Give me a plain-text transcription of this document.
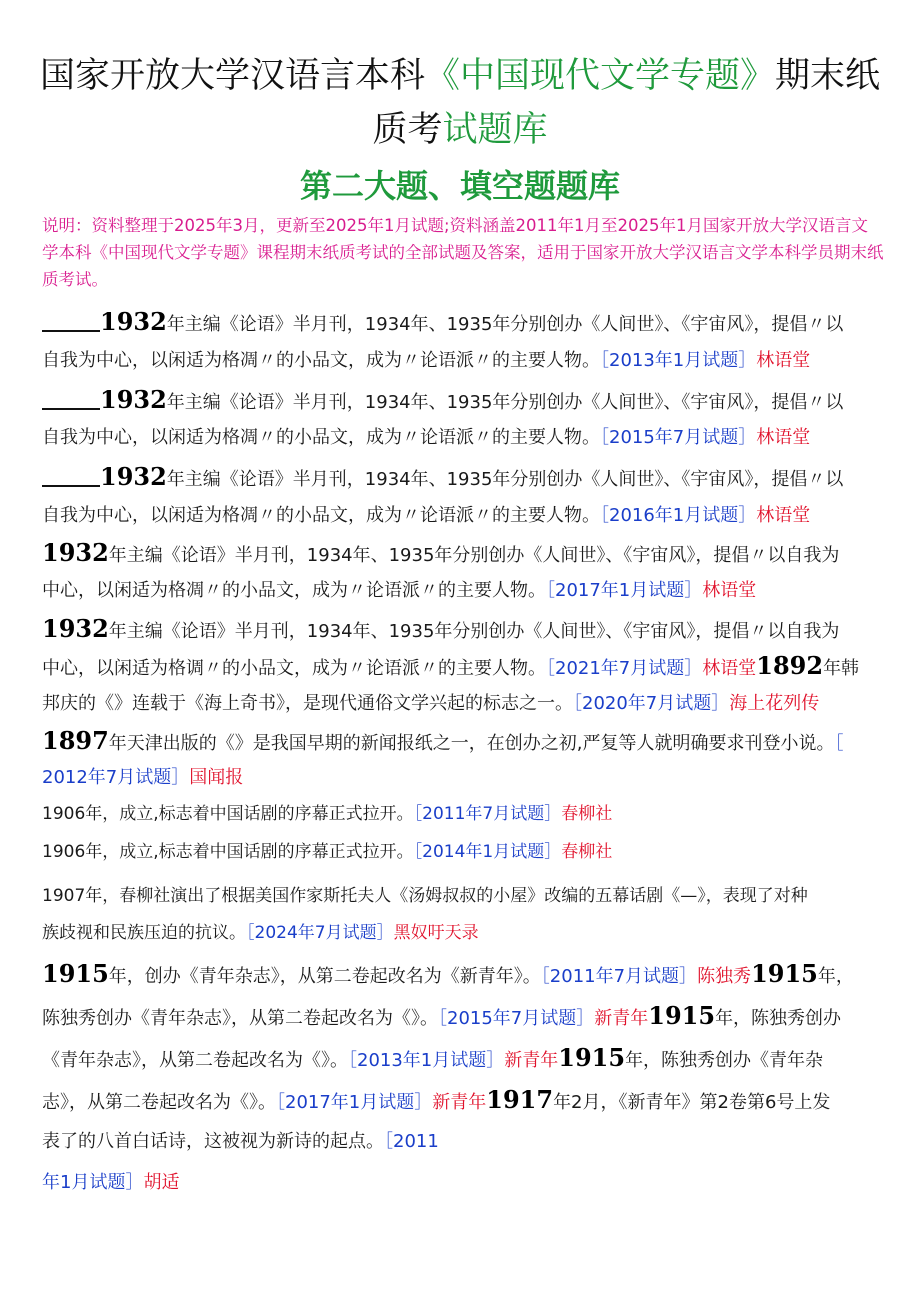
国家开放大学汉语言本科《中国现代文学专题》期末纸
质考试题库
第二大题、填空题题库
说明：资料整理于2025年3月，更新至2025年1月试题;资料涵盖2011年1月至2025年1月国家开放大学汉语言文学本科《中国现代文学专题》课程期末纸质考试的全部试题及答案，适用于国家开放大学汉语言文学本科学员期末纸质考试。
1932年主编《论语》半月刊，1934年、1935年分别创办《人间世》、《宇宙风》，提倡〃以
自我为中心，以闲适为格凋〃的小品文，成为〃论语派〃的主要人物。［2013年1月试题］林语堂
1932年主编《论语》半月刊，1934年、1935年分别创办《人间世》、《宇宙风》，提倡〃以
自我为中心，以闲适为格凋〃的小品文，成为〃论语派〃的主要人物。［2015年7月试题］林语堂
1932年主编《论语》半月刊，1934年、1935年分别创办《人间世》、《宇宙风》，提倡〃以
自我为中心，以闲适为格凋〃的小品文，成为〃论语派〃的主要人物。［2016年1月试题］林语堂
1932年主编《论语》半月刊，1934年、1935年分别创办《人间世》、《宇宙风》，提倡〃以自我为
中心，以闲适为格凋〃的小品文，成为〃论语派〃的主要人物。［2017年1月试题］林语堂
1932年主编《论语》半月刊，1934年、1935年分别创办《人间世》、《宇宙风》，提倡〃以自我为
中心，以闲适为格调〃的小品文，成为〃论语派〃的主要人物。［2021年7月试题］林语堂1892年韩
邦庆的《》连载于《海上奇书》，是现代通俗文学兴起的标志之一。［2020年7月试题］海上花列传
1897年天津出版的《》是我国早期的新闻报纸之一，在创办之初,严复等人就明确要求刊登小说。［
2012年7月试题］国闻报
1906年，成立,标志着中国话剧的序幕正式拉开。［2011年7月试题］春柳社
1906年，成立,标志着中国话剧的序幕正式拉开。［2014年1月试题］春柳社
1907年，春柳社演出了根据美国作家斯托夫人《汤姆叔叔的小屋》改编的五幕话剧《—》，表现了对种
族歧视和民族压迫的抗议。［2024年7月试题］黑奴吁天录
1915年，创办《青年杂志》，从第二卷起改名为《新青年》。［2011年7月试题］陈独秀1915年，
陈独秀创办《青年杂志》，从第二卷起改名为《》。［2015年7月试题］新青年1915年，陈独秀创办
《青年杂志》，从第二卷起改名为《》。［2013年1月试题］新青年1915年，陈独秀创办《青年杂
志》，从第二卷起改名为《》。［2017年1月试题］新青年1917年2月，《新青年》第2卷第6号上发
表了的八首白话诗，这被视为新诗的起点。［2011
年1月试题］胡适
